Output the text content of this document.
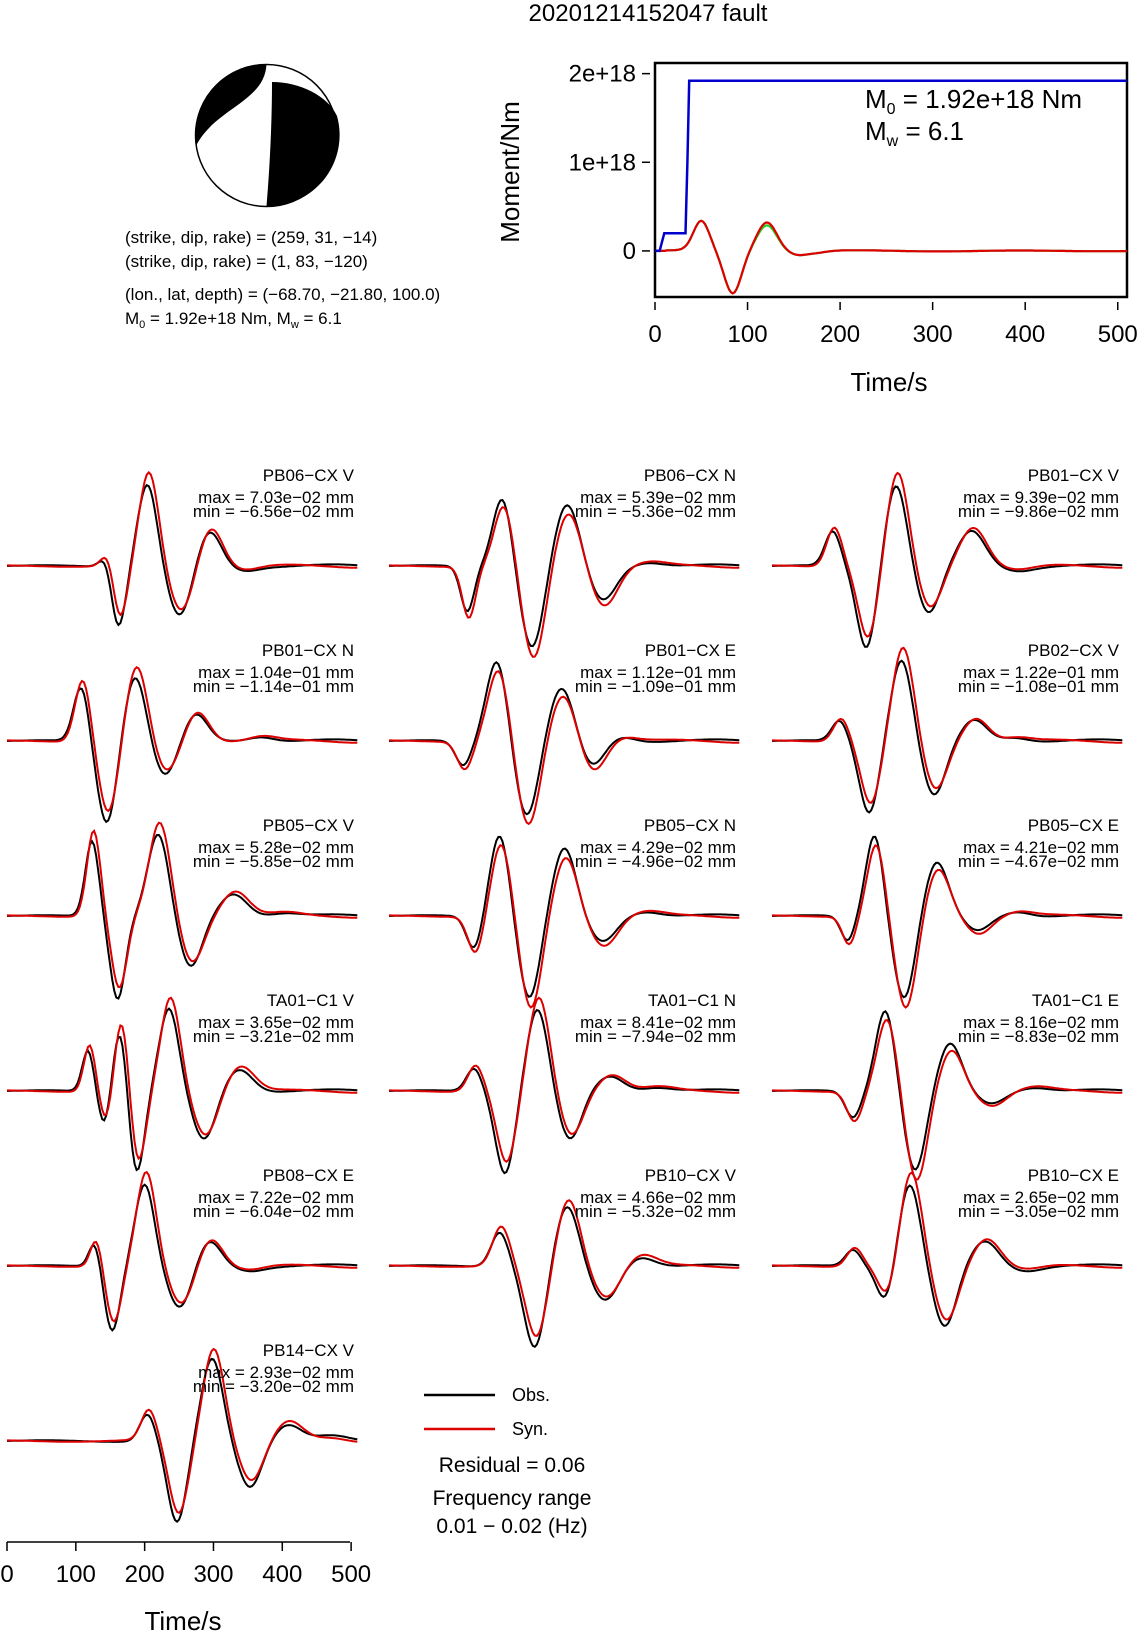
20201214152047 fault
(strike, dip, rake) = (259, 31, −14)
(strike, dip, rake) = (1, 83, −120)
(lon., lat, depth) = (−68.70, −21.80, 100.0)
$M_0 = 1.92e+18$ Nm, $M_w = 6.1$
0	100 200 300 400 500
0
1e+18
2e+18
$M_0 = 1.92e+18$ Nm
$M_w = 6.1$
Time/s
Moment/Nm
PB06−CX V
max = 7.03e−02 mm
min = −6.56e−02 mm
PB06−CX N
max = 5.39e−02 mm
min = −5.36e−02 mm
PB01−CX V
max = 9.39e−02 mm
min = −9.86e−02 mm
PB01−CX N
max = 1.04e−01 mm
min = −1.14e−01 mm
PB01−CX E
max = 1.12e−01 mm
min = −1.09e−01 mm
PB02−CX V
max = 1.22e−01 mm
min = −1.08e−01 mm
PB05−CX V
max = 5.28e−02 mm
min = −5.85e−02 mm
PB05−CX N
max = 4.29e−02 mm
min = −4.96e−02 mm
PB05−CX E
max = 4.21e−02 mm
min = −4.67e−02 mm
TA01−C1 V
max = 3.65e−02 mm
min = −3.21e−02 mm
TA01−C1 N
max = 8.41e−02 mm
min = −7.94e−02 mm
TA01−C1 E
max = 8.16e−02 mm
min = −8.83e−02 mm
PB08−CX E
max = 7.22e−02 mm
min = −6.04e−02 mm
PB10−CX V
max = 4.66e−02 mm
min = −5.32e−02 mm
PB10−CX E
max = 2.65e−02 mm
min = −3.05e−02 mm
PB14−CX V
max = 2.93e−02 mm
min = −3.20e−02 mm
0 100 200 300 400 500
Time/s
Obs.
Syn.
Residual = 0.06
Frequency range
0.01 − 0.02 (Hz)
